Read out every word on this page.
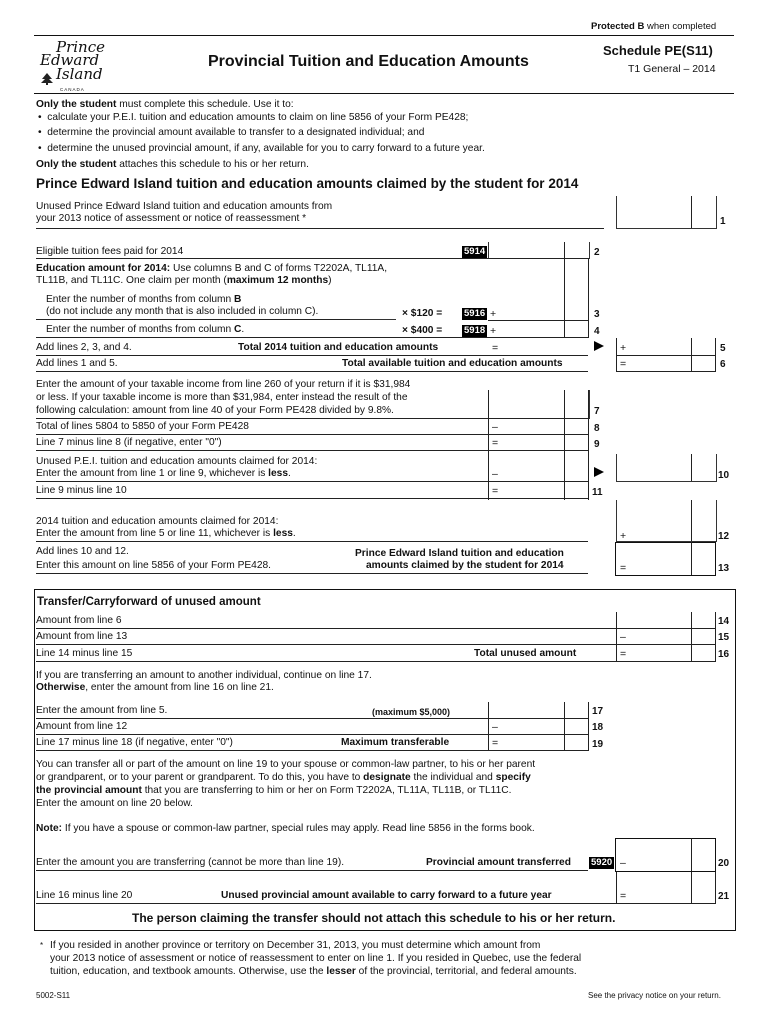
Protected B when completed
Prince
Edward
Island
CANADA
Provincial Tuition and Education Amounts
Schedule PE(S11)
T1 General – 2014
Only the student must complete this schedule. Use it to:
•  calculate your P.E.I. tuition and education amounts to claim on line 5856 of your Form PE428;
•  determine the provincial amount available to transfer to a designated individual; and
•  determine the unused provincial amount, if any, available for you to carry forward to a future year.
Only the student attaches this schedule to his or her return.
Prince Edward Island tuition and education amounts claimed by the student for 2014
Unused Prince Edward Island tuition and education amounts from
your 2013 notice of assessment or notice of reassessment *	1
Eligible tuition fees paid for 2014	5914	2
Education amount for 2014: Use columns B and C of forms T2202A, TL11A,
TL11B, and TL11C. One claim per month (maximum 12 months)
Enter the number of months from column B
(do not include any month that is also included in column C).	× $120 = 5916 +	3
Enter the number of months from column C.	× $400 = 5918 +	4
Add lines 2, 3, and 4.	Total 2014 tuition and education amounts	=	+	5
Add lines 1 and 5.	Total available tuition and education amounts	=	6
Enter the amount of your taxable income from line 260 of your return if it is $31,984
or less. If your taxable income is more than $31,984, enter instead the result of the
following calculation: amount from line 40 of your Form PE428 divided by 9.8%.	7
Total of lines 5804 to 5850 of your Form PE428	–	8
Line 7 minus line 8 (if negative, enter "0")	=	9
Unused P.E.I. tuition and education amounts claimed for 2014:
Enter the amount from line 1 or line 9, whichever is less.	–	10
Line 9 minus line 10	=	11
2014 tuition and education amounts claimed for 2014:
Enter the amount from line 5 or line 11, whichever is less.	+	12
Add lines 10 and 12.
Enter this amount on line 5856 of your Form PE428.
Prince Edward Island tuition and education
amounts claimed by the student for 2014	=	13
Transfer/Carryforward of unused amount
Amount from line 6	14
Amount from line 13	–	15
Line 14 minus line 15	Total unused amount	=	16
If you are transferring an amount to another individual, continue on line 17.
Otherwise, enter the amount from line 16 on line 21.
Enter the amount from line 5.	(maximum $5,000)	17
Amount from line 12	–	18
Line 17 minus line 18 (if negative, enter "0")	Maximum transferable	=	19
You can transfer all or part of the amount on line 19 to your spouse or common-law partner, to his or her parent
or grandparent, or to your parent or grandparent. To do this, you have to designate the individual and specify
the provincial amount that you are transferring to him or her on Form T2202A, TL11A, TL11B, or TL11C.
Enter the amount on line 20 below.
Note: If you have a spouse or common-law partner, special rules may apply. Read line 5856 in the forms book.
Enter the amount you are transferring (cannot be more than line 19).	Provincial amount transferred 5920 –	20
Line 16 minus line 20	Unused provincial amount available to carry forward to a future year	=	21
The person claiming the transfer should not attach this schedule to his or her return.
* If you resided in another province or territory on December 31, 2013, you must determine which amount from
your 2013 notice of assessment or notice of reassessment to enter on line 1. If you resided in Quebec, use the federal
tuition, education, and textbook amounts. Otherwise, use the lesser of the provincial, territorial, and federal amounts.
5002-S11	See the privacy notice on your return.
